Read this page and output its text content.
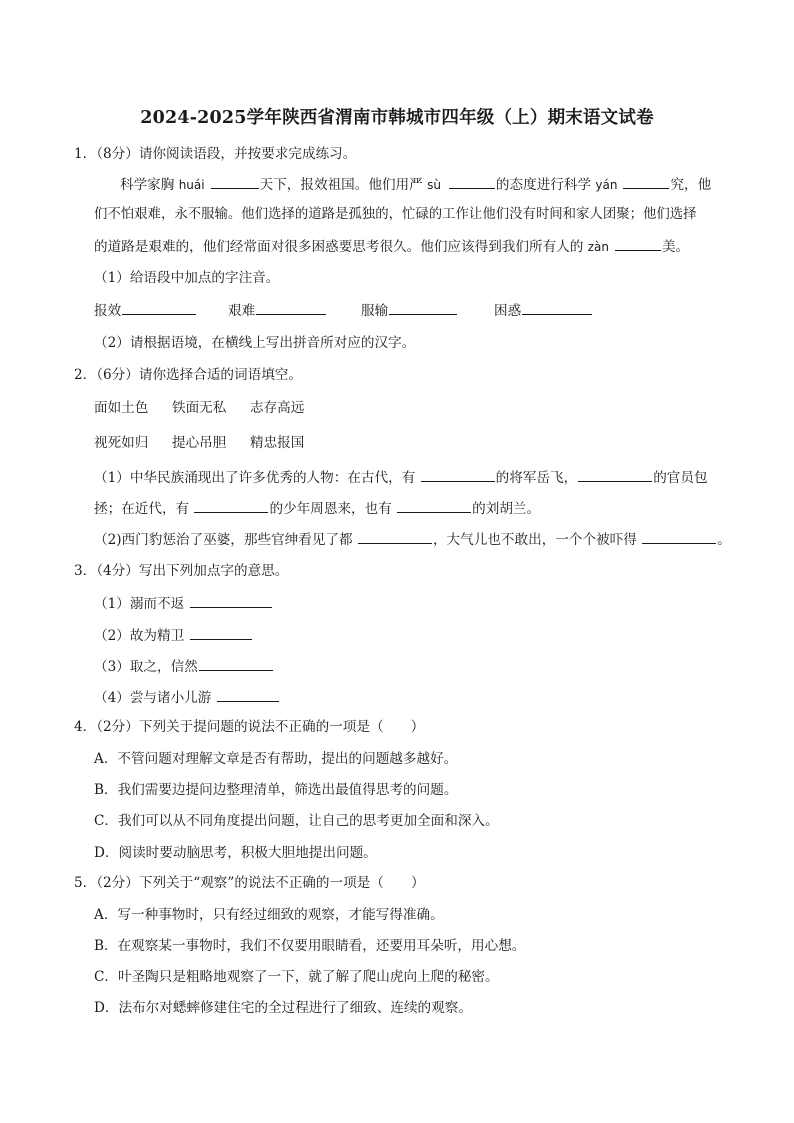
2024-2025学年陕西省渭南市韩城市四年级（上）期末语文试卷
1．（8分）请你阅读语段，并按要求完成练习。
科学家胸 huái	天下，报效祖国。他们用严 sù	的态度进行科学 yán	究，他
们不怕艰难，永不服输。他们选择的道路是孤独的，忙碌的工作让他们没有时间和家人团聚；他们选择
的道路是艰难的，他们经常面对很多困惑要思考很久。他们应该得到我们所有人的 zàn	美。
（1）给语段中加点的字注音。
报效	艰难	服输	困惑
（2）请根据语境，在横线上写出拼音所对应的汉字。
2．（6分）请你选择合适的词语填空。
面如土色 铁面无私 志存高远
视死如归 提心吊胆 精忠报国
（1）中华民族涌现出了许多优秀的人物：在古代，有	的将军岳飞，	的官员包
拯；在近代，有	的少年周恩来，也有	的刘胡兰。
（2)西门豹惩治了巫婆，那些官绅看见了都	，大气儿也不敢出，一个个被吓得	。
3．（4分）写出下列加点字的意思。
（1）溺而不返
（2）故为精卫
（3）取之，信然
（4）尝与诸小儿游
4．（2分）下列关于提问题的说法不正确的一项是（　　）
A．不管问题对理解文章是否有帮助，提出的问题越多越好。
B．我们需要边提问边整理清单，筛选出最值得思考的问题。
C．我们可以从不同角度提出问题，让自己的思考更加全面和深入。
D．阅读时要动脑思考，积极大胆地提出问题。
5．（2分）下列关于“观察”的说法不正确的一项是（　　）
A．写一种事物时，只有经过细致的观察，才能写得准确。
B．在观察某一事物时，我们不仅要用眼睛看，还要用耳朵听，用心想。
C．叶圣陶只是粗略地观察了一下，就了解了爬山虎向上爬的秘密。
D．法布尔对蟋蟀修建住宅的全过程进行了细致、连续的观察。
